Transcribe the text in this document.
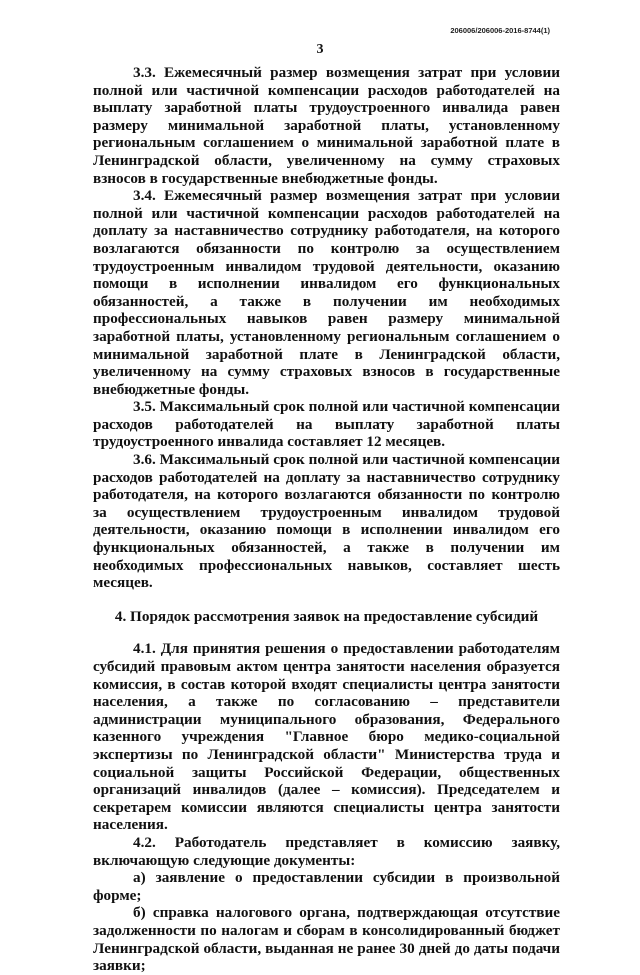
206006/206006-2016-8744(1)
3

3.3. Ежемесячный размер возмещения затрат при условии полной или частичной компенсации расходов работодателей на выплату заработной платы трудоустроенного инвалида равен размеру минимальной заработной платы, установленному региональным соглашением о минимальной заработной плате в Ленинградской области, увеличенному на сумму страховых взносов в государственные внебюджетные фонды.

3.4. Ежемесячный размер возмещения затрат при условии полной или частичной компенсации расходов работодателей на доплату за наставничество сотруднику работодателя, на которого возлагаются обязанности по контролю за осуществлением трудоустроенным инвалидом трудовой деятельности, оказанию помощи в исполнении инвалидом его функциональных обязанностей, а также в получении им необходимых профессиональных навыков равен размеру минимальной заработной платы, установленному региональным соглашением о минимальной заработной плате в Ленинградской области, увеличенному на сумму страховых взносов в государственные внебюджетные фонды.

3.5. Максимальный срок полной или частичной компенсации расходов работодателей на выплату заработной платы трудоустроенного инвалида составляет 12 месяцев.

3.6. Максимальный срок полной или частичной компенсации расходов работодателей на доплату за наставничество сотруднику работодателя, на которого возлагаются обязанности по контролю за осуществлением трудоустроенным инвалидом трудовой деятельности, оказанию помощи в исполнении инвалидом его функциональных обязанностей, а также в получении им необходимых профессиональных навыков, составляет шесть месяцев.

4. Порядок рассмотрения заявок на предоставление субсидий

4.1. Для принятия решения о предоставлении работодателям субсидий правовым актом центра занятости населения образуется комиссия, в состав которой входят специалисты центра занятости населения, а также по согласованию – представители администрации муниципального образования, Федерального казенного учреждения "Главное бюро медико-социальной экспертизы по Ленинградской области" Министерства труда и социальной защиты Российской Федерации, общественных организаций инвалидов (далее – комиссия). Председателем и секретарем комиссии являются специалисты центра занятости населения.

4.2. Работодатель представляет в комиссию заявку, включающую следующие документы:

а) заявление о предоставлении субсидии в произвольной форме;

б) справка налогового органа, подтверждающая отсутствие задолженности по налогам и сборам в консолидированный бюджет Ленинградской области, выданная не ранее 30 дней до даты подачи заявки;
